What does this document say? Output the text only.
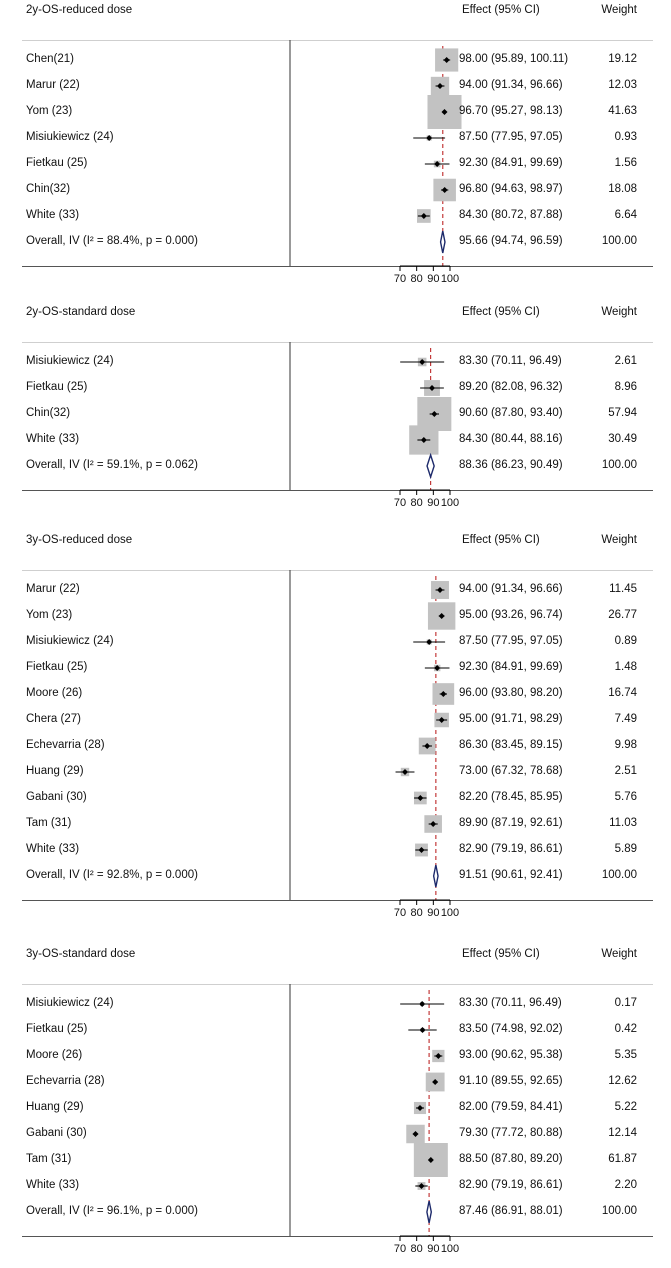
2y-OS-reduced dose	Effect (95% CI)	Weight
70 80 90 100
Chen(21)	98.00 (95.89, 100.11)	19.12
Marur (22)	94.00 (91.34, 96.66)	12.03
Yom (23)	96.70 (95.27, 98.13)	41.63
Misiukiewicz (24)	87.50 (77.95, 97.05)	0.93
Fietkau (25)	92.30 (84.91, 99.69)	1.56
Chin(32)	96.80 (94.63, 98.97)	18.08
White (33)	84.30 (80.72, 87.88)	6.64
Overall, IV (I² = 88.4%, p = 0.000)	95.66 (94.74, 96.59)	100.00
2y-OS-standard dose	Effect (95% CI)	Weight
70 80 90 100
Misiukiewicz (24)	83.30 (70.11, 96.49)	2.61
Fietkau (25)	89.20 (82.08, 96.32)	8.96
Chin(32)	90.60 (87.80, 93.40)	57.94
White (33)	84.30 (80.44, 88.16)	30.49
Overall, IV (I² = 59.1%, p = 0.062)	88.36 (86.23, 90.49)	100.00
3y-OS-reduced dose	Effect (95% CI)	Weight
70 80 90 100
Marur (22)	94.00 (91.34, 96.66)	11.45
Yom (23)	95.00 (93.26, 96.74)	26.77
Misiukiewicz (24)	87.50 (77.95, 97.05)	0.89
Fietkau (25)	92.30 (84.91, 99.69)	1.48
Moore (26)	96.00 (93.80, 98.20)	16.74
Chera (27)	95.00 (91.71, 98.29)	7.49
Echevarria (28)	86.30 (83.45, 89.15)	9.98
Huang (29)	73.00 (67.32, 78.68)	2.51
Gabani (30)	82.20 (78.45, 85.95)	5.76
Tam (31)	89.90 (87.19, 92.61)	11.03
White (33)	82.90 (79.19, 86.61)	5.89
Overall, IV (I² = 92.8%, p = 0.000)	91.51 (90.61, 92.41)	100.00
3y-OS-standard dose	Effect (95% CI)	Weight
70 80 90 100
Misiukiewicz (24)	83.30 (70.11, 96.49)	0.17
Fietkau (25)	83.50 (74.98, 92.02)	0.42
Moore (26)	93.00 (90.62, 95.38)	5.35
Echevarria (28)	91.10 (89.55, 92.65)	12.62
Huang (29)	82.00 (79.59, 84.41)	5.22
Gabani (30)	79.30 (77.72, 80.88)	12.14
Tam (31)	88.50 (87.80, 89.20)	61.87
White (33)	82.90 (79.19, 86.61)	2.20
Overall, IV (I² = 96.1%, p = 0.000)	87.46 (86.91, 88.01)	100.00
